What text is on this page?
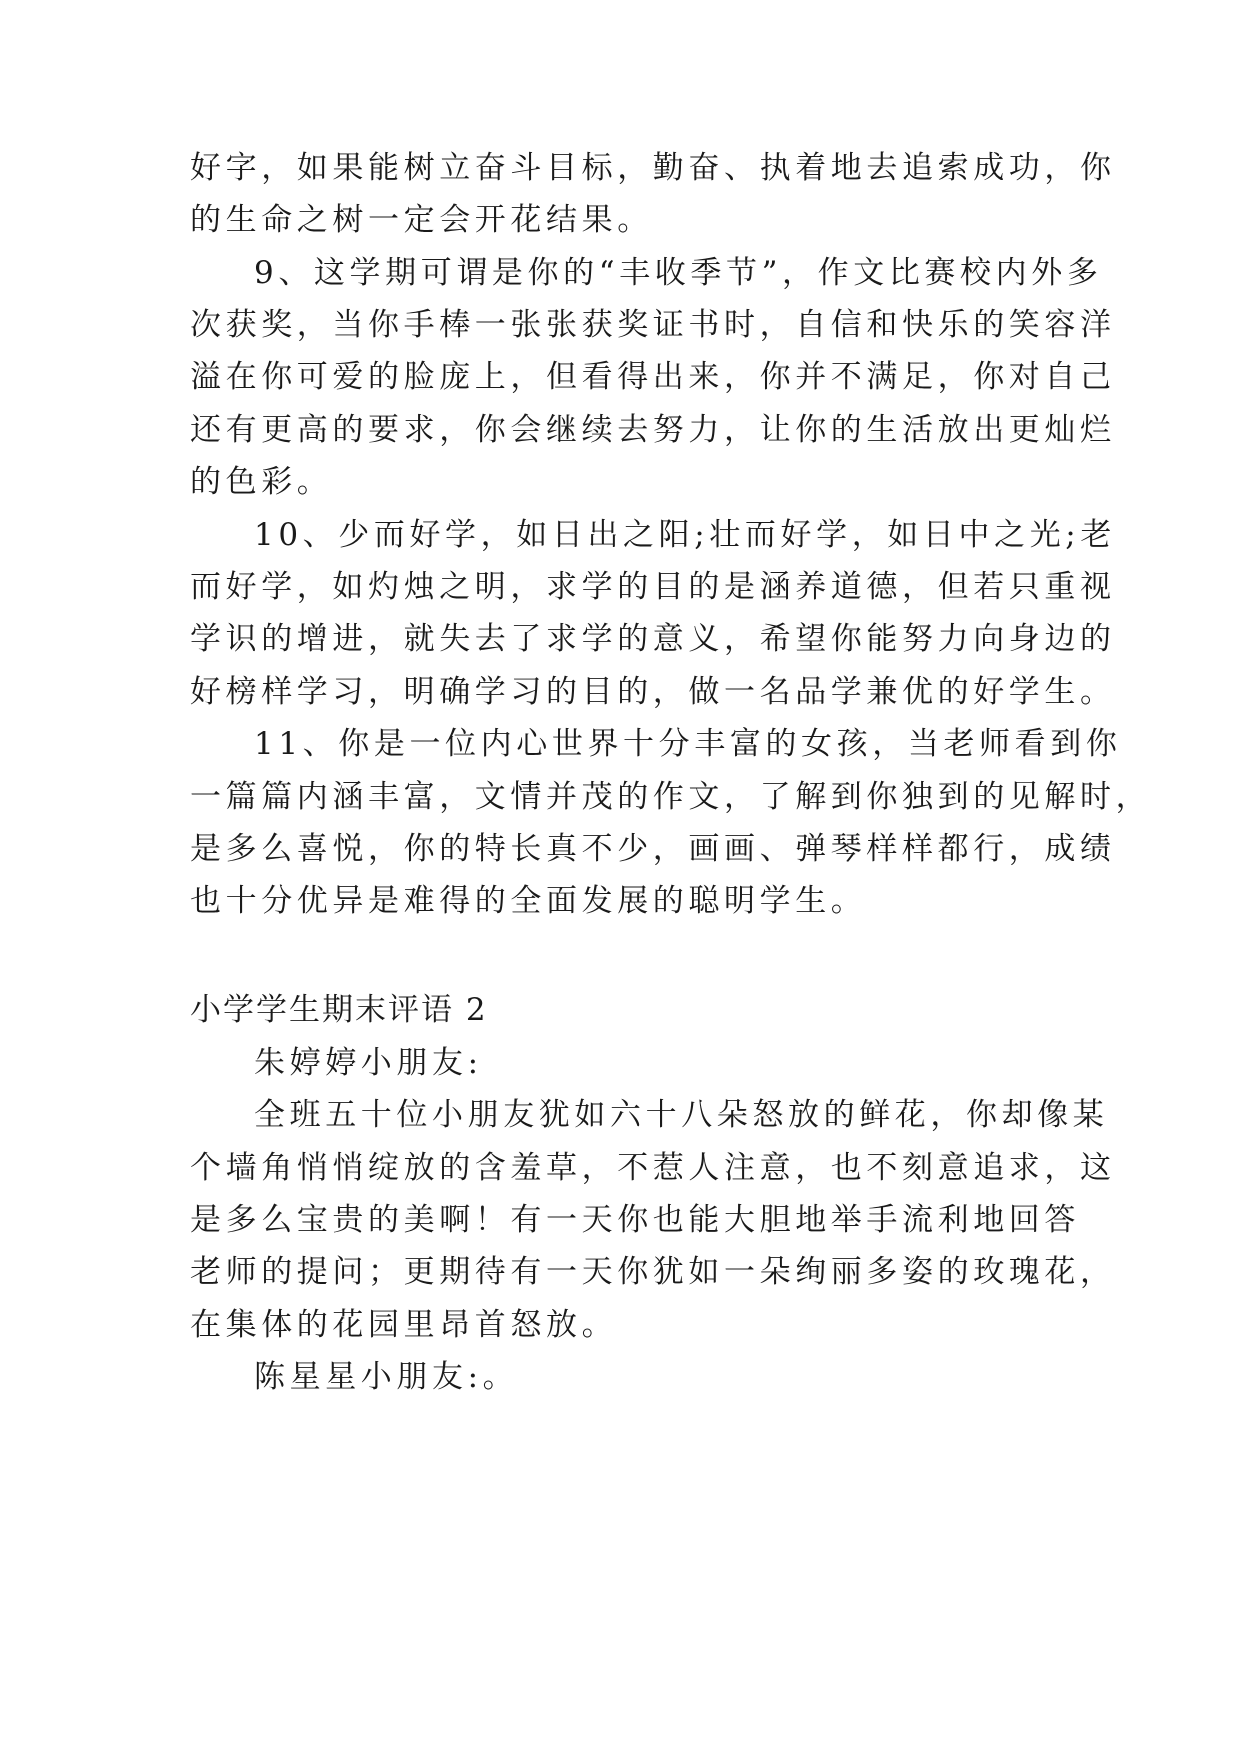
好字，如果能树立奋斗目标，勤奋、执着地去追索成功，你
的生命之树一定会开花结果。
9、这学期可谓是你的“丰收季节”，作文比赛校内外多
次获奖，当你手棒一张张获奖证书时，自信和快乐的笑容洋
溢在你可爱的脸庞上，但看得出来，你并不满足，你对自己
还有更高的要求，你会继续去努力，让你的生活放出更灿烂
的色彩。
10、少而好学，如日出之阳;壮而好学，如日中之光;老
而好学，如灼烛之明，求学的目的是涵养道德，但若只重视
学识的增进，就失去了求学的意义，希望你能努力向身边的
好榜样学习，明确学习的目的，做一名品学兼优的好学生。
11、你是一位内心世界十分丰富的女孩，当老师看到你
一篇篇内涵丰富，文情并茂的作文，了解到你独到的见解时，
是多么喜悦，你的特长真不少，画画、弹琴样样都行，成绩
也十分优异是难得的全面发展的聪明学生。
小学学生期末评语 2
朱婷婷小朋友:
全班五十位小朋友犹如六十八朵怒放的鲜花，你却像某
个墙角悄悄绽放的含羞草，不惹人注意，也不刻意追求，这
是多么宝贵的美啊！有一天你也能大胆地举手流利地回答
老师的提问；更期待有一天你犹如一朵绚丽多姿的玫瑰花，
在集体的花园里昂首怒放。
陈星星小朋友:。
